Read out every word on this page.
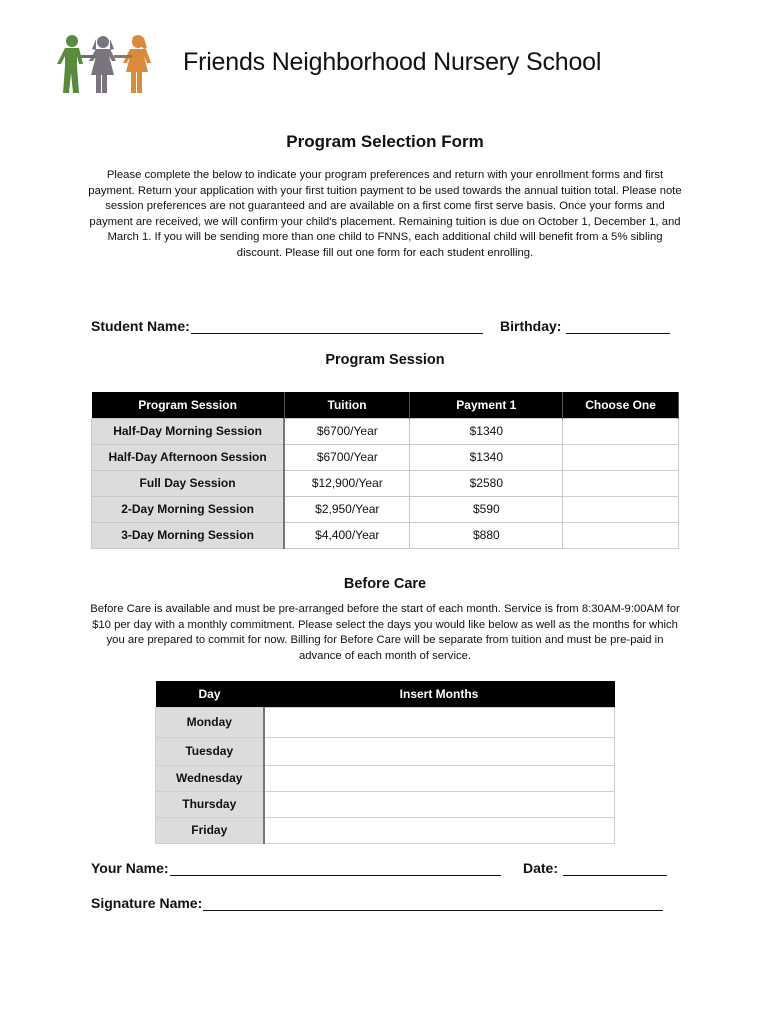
Friends Neighborhood Nursery School
Program Selection Form
Please complete the below to indicate your program preferences and return with your enrollment forms and first payment. Return your application with your first tuition payment to be used towards the annual tuition total. Please note session preferences are not guaranteed and are available on a first come first serve basis. Once your forms and payment are received, we will confirm your child's placement. Remaining tuition is due on October 1, December 1, and March 1. If you will be sending more than one child to FNNS, each additional child will benefit from a 5% sibling discount. Please fill out one form for each student enrolling.
Student Name:	Birthday:
Program Session
Program Session	Tuition	Payment 1	Choose One
Half-Day Morning Session	$6700/Year	$1340	
Half-Day Afternoon Session	$6700/Year	$1340	
Full Day Session	$12,900/Year	$2580	
2-Day Morning Session	$2,950/Year	$590	
3-Day Morning Session	$4,400/Year	$880	
Before Care
Before Care is available and must be pre-arranged before the start of each month. Service is from 8:30AM-9:00AM for $10 per day with a monthly commitment. Please select the days you would like below as well as the months for which you are prepared to commit for now. Billing for Before Care will be separate from tuition and must be pre-paid in advance of each month of service.
Day	Insert Months
Monday	
Tuesday	
Wednesday	
Thursday	
Friday	
Your Name:	Date:
Signature Name:
